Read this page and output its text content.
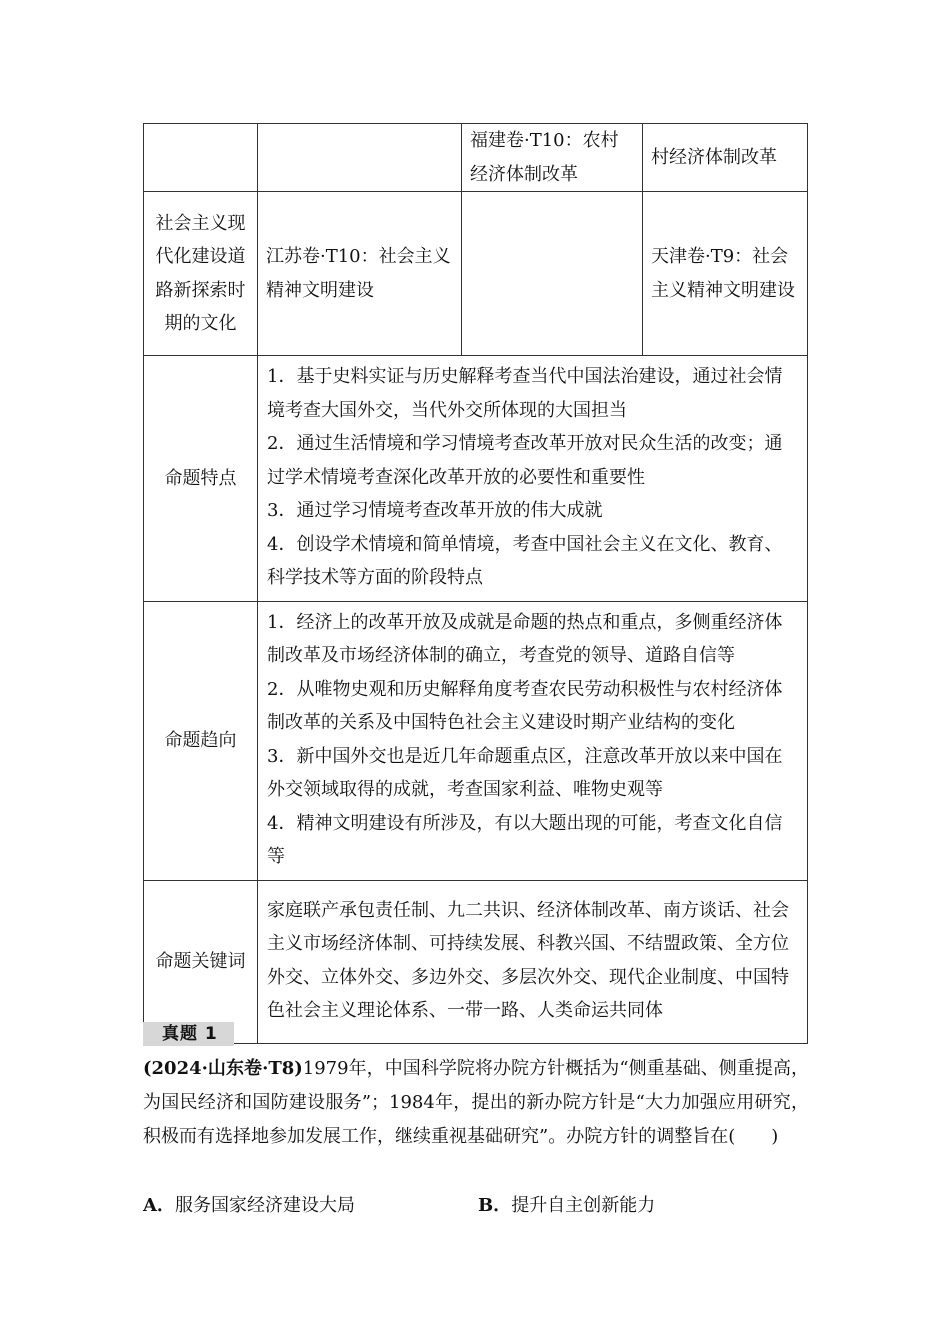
		福建卷·T10：农村经济体制改革	村经济体制改革
社会主义现代化建设道路新探索时期的文化	江苏卷·T10：社会主义精神文明建设		天津卷·T9：社会主义精神文明建设
命题特点	1．基于史料实证与历史解释考查当代中国法治建设，通过社会情境考查大国外交，当代外交所体现的大国担当

2．通过生活情境和学习情境考查改革开放对民众生活的改变；通过学术情境考查深化改革开放的必要性和重要性

3．通过学习情境考查改革开放的伟大成就

4．创设学术情境和简单情境，考查中国社会主义在文化、教育、科学技术等方面的阶段特点		

命题趋向	1．经济上的改革开放及成就是命题的热点和重点，多侧重经济体制改革及市场经济体制的确立，考查党的领导、道路自信等

2．从唯物史观和历史解释角度考查农民劳动积极性与农村经济体制改革的关系及中国特色社会主义建设时期产业结构的变化

3．新中国外交也是近几年命题重点区，注意改革开放以来中国在外交领域取得的成就，考查国家利益、唯物史观等

4．精神文明建设有所涉及，有以大题出现的可能，考查文化自信等		

命题关键词	家庭联产承包责任制、九二共识、经济体制改革、南方谈话、社会主义市场经济体制、可持续发展、科教兴国、不结盟政策、全方位外交、立体外交、多边外交、多层次外交、现代企业制度、中国特色社会主义理论体系、一带一路、人类命运共同体		
真题 1

(2024·山东卷·T8)1979年，中国科学院将办院方针概括为“侧重基础、侧重提高，为国民经济和国防建设服务”；1984年，提出的新办院方针是“大力加强应用研究，积极而有选择地参加发展工作，继续重视基础研究”。办院方针的调整旨在(　　)

A．服务国家经济建设大局	B．提升自主创新能力
